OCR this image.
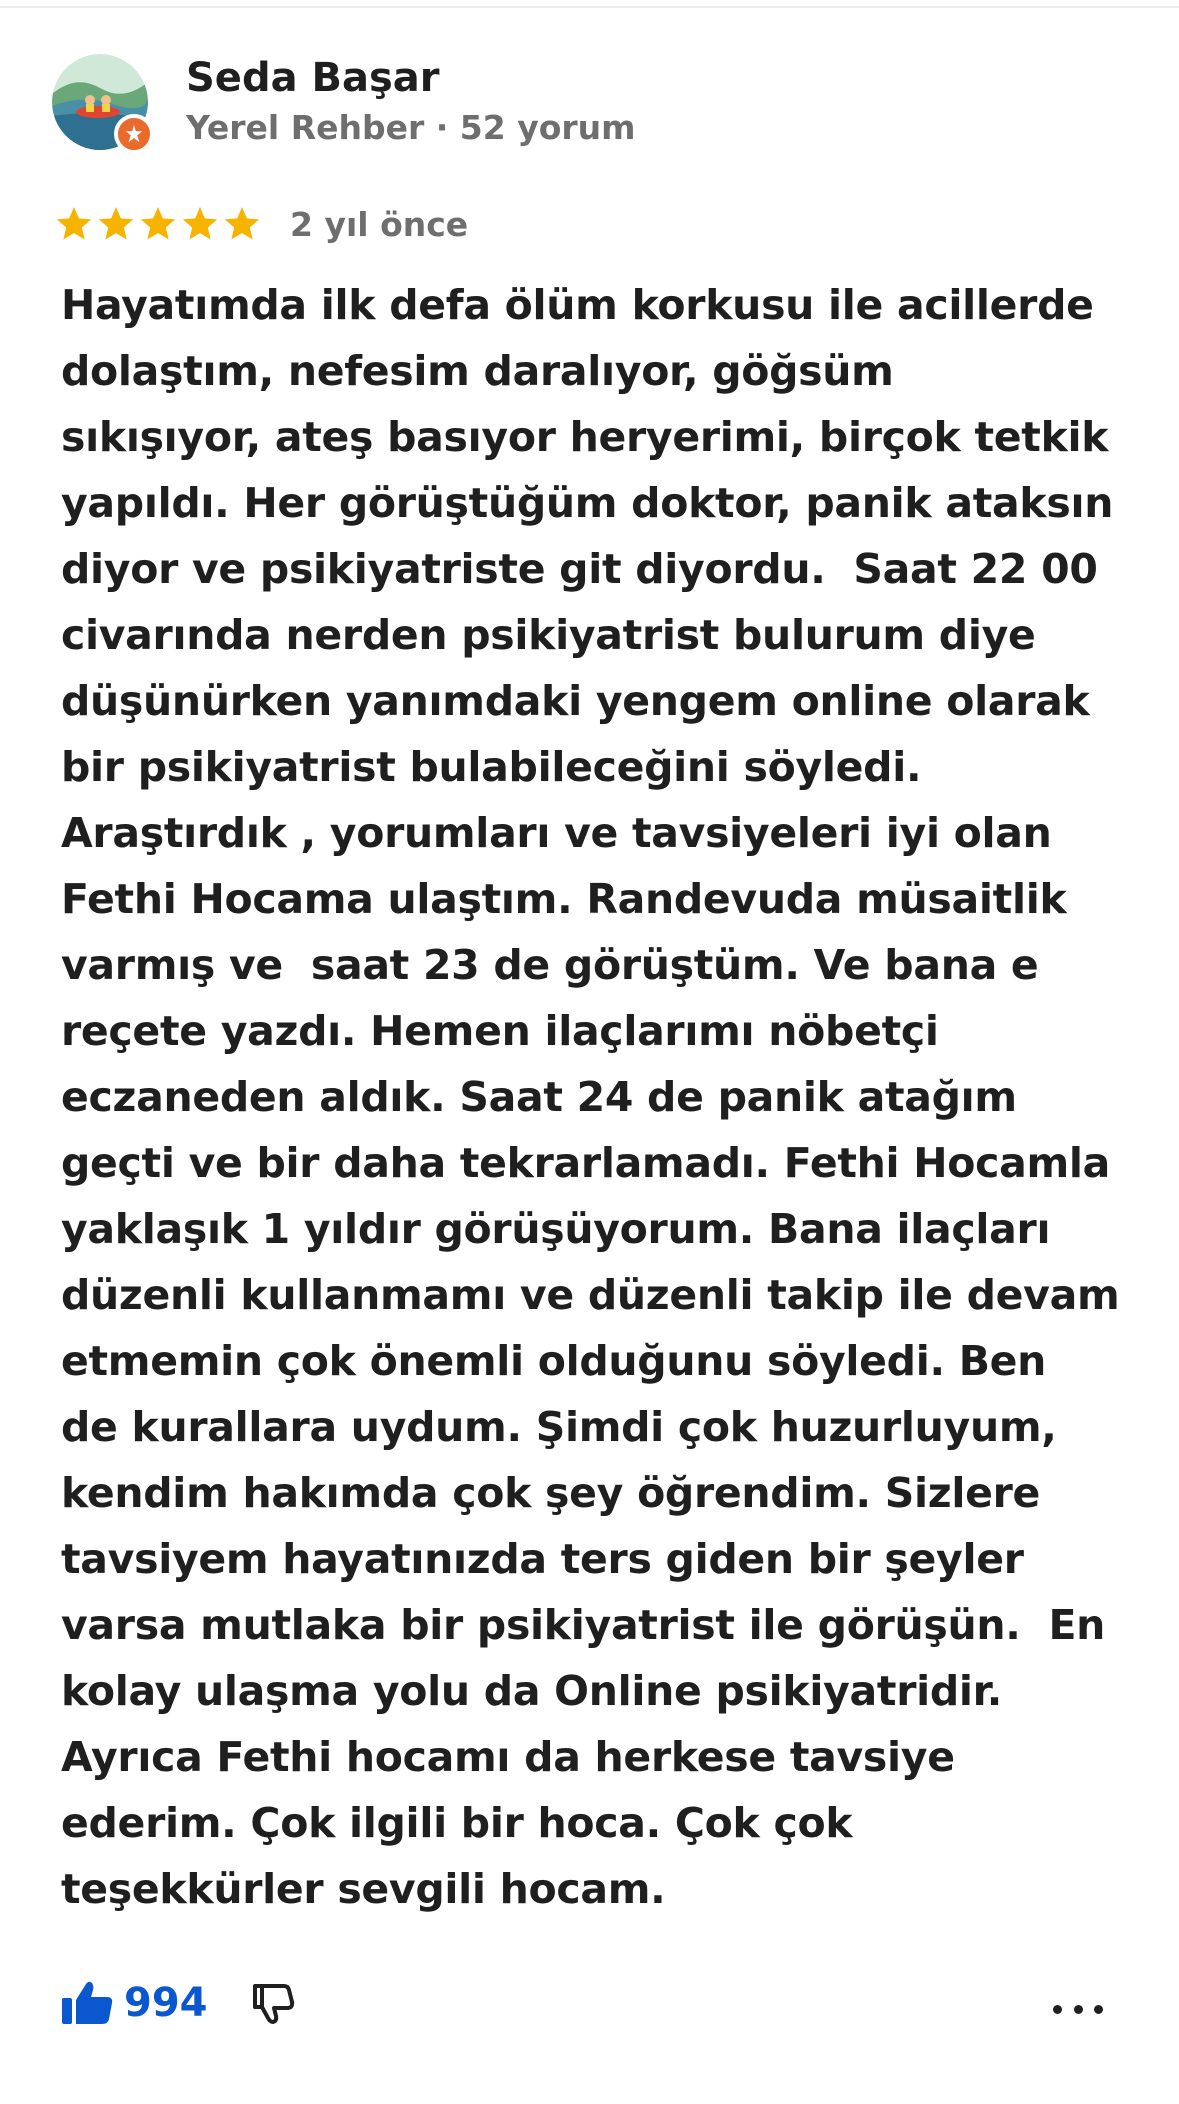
Seda Başar
Yerel Rehber · 52 yorum
2 yıl önce
Hayatımda ilk defa ölüm korkusu ile acillerde
dolaştım, nefesim daralıyor, göğsüm
sıkışıyor, ateş basıyor heryerimi, birçok tetkik
yapıldı. Her görüştüğüm doktor, panik ataksın
diyor ve psikiyatriste git diyordu.  Saat 22 00
civarında nerden psikiyatrist bulurum diye
düşünürken yanımdaki yengem online olarak
bir psikiyatrist bulabileceğini söyledi.
Araştırdık , yorumları ve tavsiyeleri iyi olan
Fethi Hocama ulaştım. Randevuda müsaitlik
varmış ve  saat 23 de görüştüm. Ve bana e
reçete yazdı. Hemen ilaçlarımı nöbetçi
eczaneden aldık. Saat 24 de panik atağım
geçti ve bir daha tekrarlamadı. Fethi Hocamla
yaklaşık 1 yıldır görüşüyorum. Bana ilaçları
düzenli kullanmamı ve düzenli takip ile devam
etmemin çok önemli olduğunu söyledi. Ben
de kurallara uydum. Şimdi çok huzurluyum,
kendim hakımda çok şey öğrendim. Sizlere
tavsiyem hayatınızda ters giden bir şeyler
varsa mutlaka bir psikiyatrist ile görüşün.  En
kolay ulaşma yolu da Online psikiyatridir.
Ayrıca Fethi hocamı da herkese tavsiye
ederim. Çok ilgili bir hoca. Çok çok
teşekkürler sevgili hocam.
994
